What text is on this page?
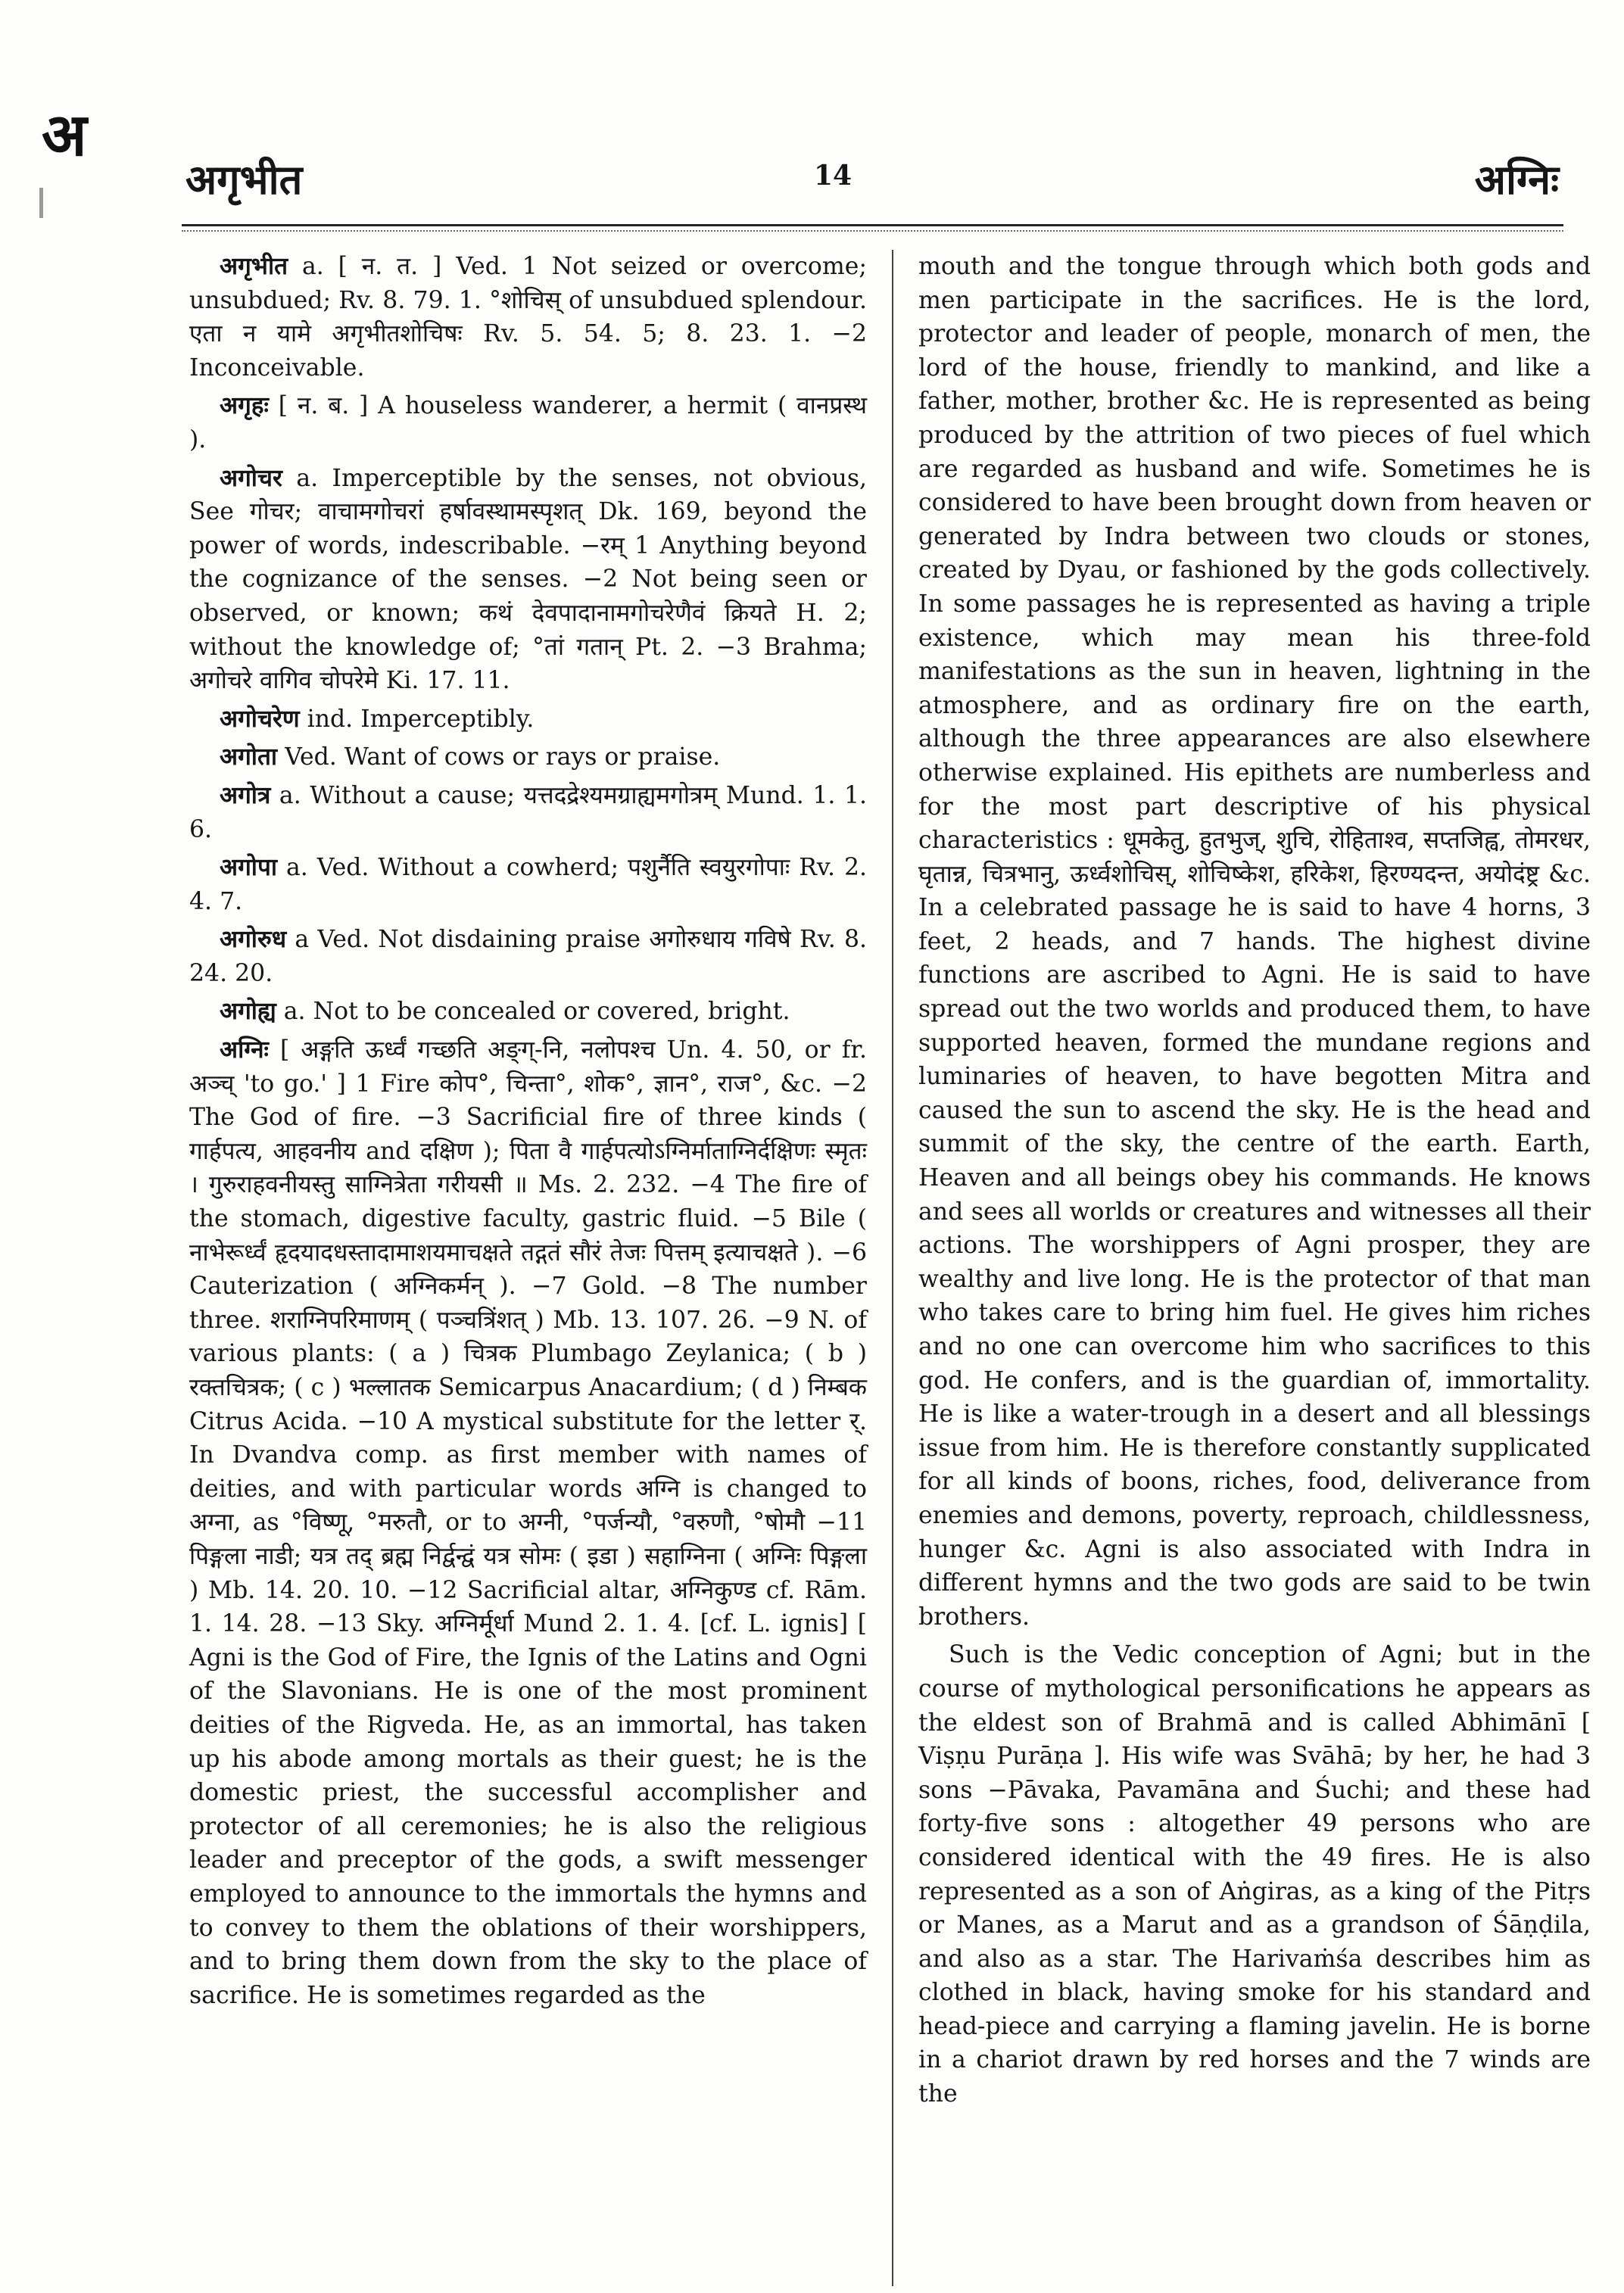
अ
अगृभीत	14	अग्निः

अगृभीत a. [ न. त. ] Ved. 1 Not seized or overcome; unsubdued; Rv. 8. 79. 1. °शोचिस् of unsubdued splendour. एता न यामे अगृभीतशोचिषः Rv. 5. 54. 5; 8. 23. 1. −2 Inconceivable.

अगृहः [ न. ब. ] A houseless wanderer, a hermit ( वानप्रस्थ ).

अगोचर a. Imperceptible by the senses, not obvious, See गोचर; वाचामगोचरां हर्षावस्थामस्पृशत् Dk. 169, beyond the power of words, indescribable. −रम् 1 Anything beyond the cognizance of the senses. −2 Not being seen or observed, or known; कथं देवपादानामगोचरेणैवं क्रियते H. 2; without the knowledge of; °तां गतान् Pt. 2. −3 Brahma; अगोचरे वागिव चोपरेमे Ki. 17. 11.

अगोचरेण ind. Imperceptibly.

अगोता Ved. Want of cows or rays or praise.

अगोत्र a. Without a cause; यत्तदद्रेश्यमग्राह्यमगोत्रम् Mund. 1. 1. 6.

अगोपा a. Ved. Without a cowherd; पशुर्नैति स्वयुरगोपाः Rv. 2. 4. 7.

अगोरुध a Ved. Not disdaining praise अगोरुधाय गविषे Rv. 8. 24. 20.

अगोह्य a. Not to be concealed or covered, bright.

अग्निः [ अङ्गति ऊर्ध्वं गच्छति अङ्ग्-नि, नलोपश्च Un. 4. 50, or fr. अञ्च् 'to go.' ] 1 Fire कोप°, चिन्ता°, शोक°, ज्ञान°, राज°, &c. −2 The God of fire. −3 Sacrificial fire of three kinds ( गार्हपत्य, आहवनीय and दक्षिण ); पिता वै गार्हपत्योऽग्निर्माताग्निर्दक्षिणः स्मृतः । गुरुराहवनीयस्तु साग्नित्रेता गरीयसी ॥ Ms. 2. 232. −4 The fire of the stomach, digestive faculty, gastric fluid. −5 Bile ( नाभेरूर्ध्वं हृदयादधस्तादामाशयमाचक्षते तद्गतं सौरं तेजः पित्तम् इत्याचक्षते ). −6 Cauterization ( अग्निकर्मन् ). −7 Gold. −8 The number three. शराग्निपरिमाणम् ( पञ्चत्रिंशत् ) Mb. 13. 107. 26. −9 N. of various plants: ( a ) चित्रक Plumbago Zeylanica; ( b ) रक्तचित्रक; ( c ) भल्लातक Semicarpus Anacardium; ( d ) निम्बक Citrus Acida. −10 A mystical substitute for the letter र्. In Dvandva comp. as first member with names of deities, and with particular words अग्नि is changed to अग्ना, as °विष्णू, °मरुतौ, or to अग्नी, °पर्जन्यौ, °वरुणौ, °षोमौ −11 पिङ्गला नाडी; यत्र तद् ब्रह्म निर्द्वन्द्वं यत्र सोमः ( इडा ) सहाग्निना ( अग्निः पिङ्गला ) Mb. 14. 20. 10. −12 Sacrificial altar, अग्निकुण्ड cf. Rām. 1. 14. 28. −13 Sky. अग्निर्मूर्धा Mund 2. 1. 4. [cf. L. ignis] [ Agni is the God of Fire, the Ignis of the Latins and Ogni of the Slavonians. He is one of the most prominent deities of the Rigveda. He, as an immortal, has taken up his abode among mortals as their guest; he is the domestic priest, the successful accomplisher and protector of all ceremonies; he is also the religious leader and preceptor of the gods, a swift messenger employed to announce to the immortals the hymns and to convey to them the oblations of their worshippers, and to bring them down from the sky to the place of sacrifice. He is sometimes regarded as the

mouth and the tongue through which both gods and men participate in the sacrifices. He is the lord, protector and leader of people, monarch of men, the lord of the house, friendly to mankind, and like a father, mother, brother &c. He is represented as being produced by the attrition of two pieces of fuel which are regarded as husband and wife. Sometimes he is considered to have been brought down from heaven or generated by Indra between two clouds or stones, created by Dyau, or fashioned by the gods collectively. In some passages he is represented as having a triple existence, which may mean his three-fold manifestations as the sun in heaven, lightning in the atmosphere, and as ordinary fire on the earth, although the three appearances are also elsewhere otherwise explained. His epithets are numberless and for the most part descriptive of his physical characteristics : धूमकेतु, हुतभुज्, शुचि, रोहिताश्व, सप्तजिह्व, तोमरधर, घृतान्न, चित्रभानु, ऊर्ध्वशोचिस्, शोचिष्केश, हरिकेश, हिरण्यदन्त, अयोदंष्ट्र &c. In a celebrated passage he is said to have 4 horns, 3 feet, 2 heads, and 7 hands. The highest divine functions are ascribed to Agni. He is said to have spread out the two worlds and produced them, to have supported heaven, formed the mundane regions and luminaries of heaven, to have begotten Mitra and caused the sun to ascend the sky. He is the head and summit of the sky, the centre of the earth. Earth, Heaven and all beings obey his commands. He knows and sees all worlds or creatures and witnesses all their actions. The worshippers of Agni prosper, they are wealthy and live long. He is the protector of that man who takes care to bring him fuel. He gives him riches and no one can overcome him who sacrifices to this god. He confers, and is the guardian of, immortality. He is like a water-trough in a desert and all blessings issue from him. He is therefore constantly supplicated for all kinds of boons, riches, food, deliverance from enemies and demons, poverty, reproach, childlessness, hunger &c. Agni is also associated with Indra in different hymns and the two gods are said to be twin brothers.

Such is the Vedic conception of Agni; but in the course of mythological personifications he appears as the eldest son of Brahmā and is called Abhimānī [ Viṣṇu Purāṇa ]. His wife was Svāhā; by her, he had 3 sons −Pāvaka, Pavamāna and Śuchi; and these had forty-five sons : altogether 49 persons who are considered identical with the 49 fires. He is also represented as a son of Aṅgiras, as a king of the Pitṛs or Manes, as a Marut and as a grandson of Śāṇḍila, and also as a star. The Harivaṁśa describes him as clothed in black, having smoke for his standard and head-piece and carrying a flaming javelin. He is borne in a chariot drawn by red horses and the 7 winds are the
